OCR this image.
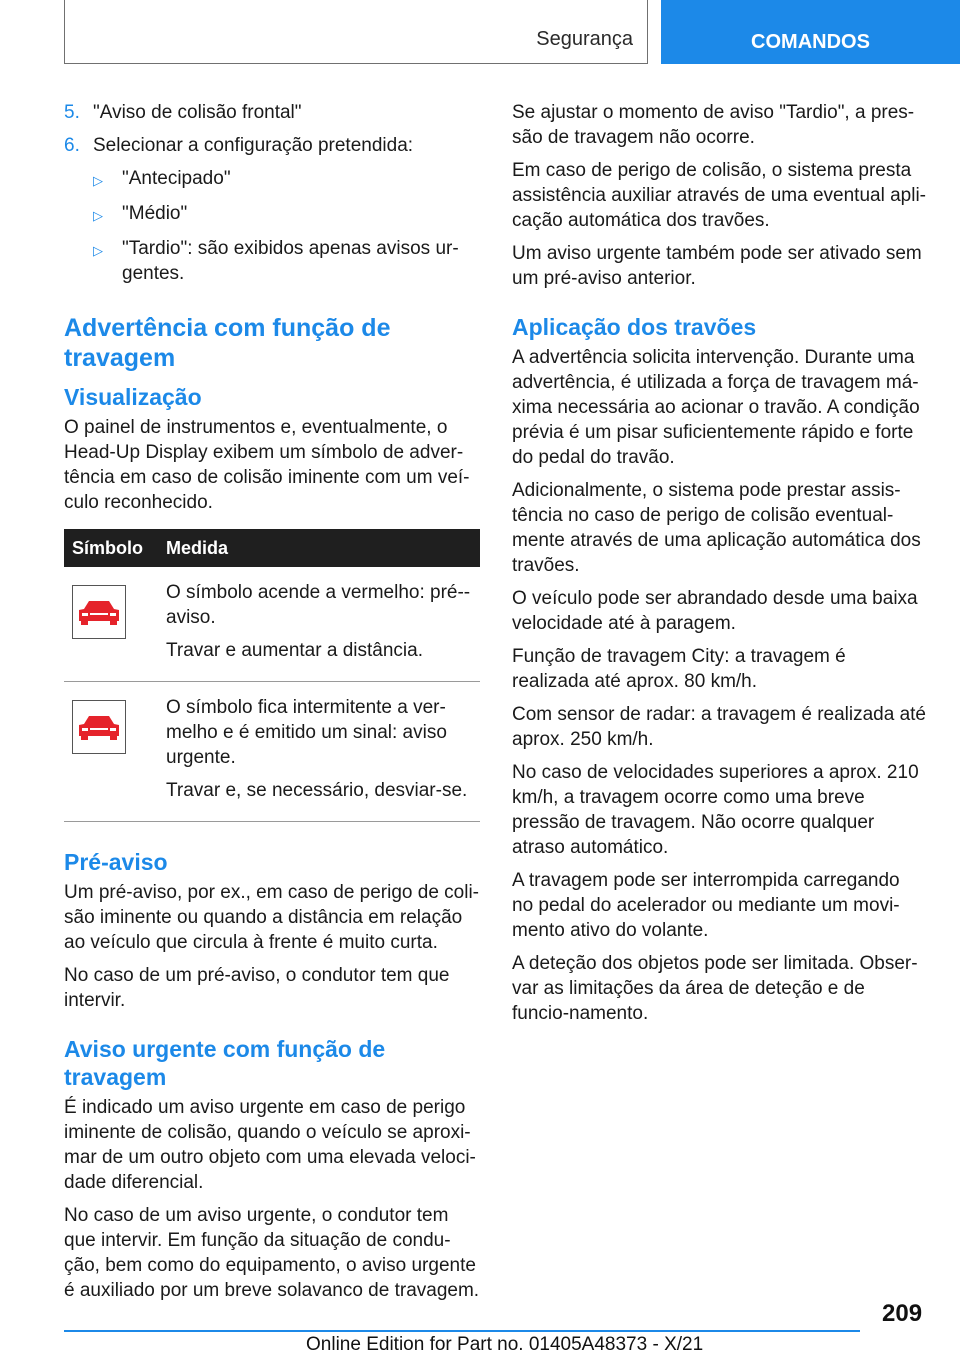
Segurança	COMANDOS
5. "Aviso de colisão frontal"
6. Selecionar a configuração pretendida:
▷	"Antecipado"
▷	"Médio"
▷	"Tardio": são exibidos apenas avisos ur-gentes.
Advertência com função de travagem
Visualização

O painel de instrumentos e, eventualmente, o Head-Up Display exibem um símbolo de adver-tência em caso de colisão iminente com um veí-culo reconhecido.

Símbolo	Medida

O símbolo acende a vermelho: pré--aviso.

Travar e aumentar a distância.

O símbolo fica intermitente a ver-melho e é emitido um sinal: aviso urgente.

Travar e, se necessário, desviar-se.

Pré-aviso

Um pré-aviso, por ex., em caso de perigo de coli-são iminente ou quando a distância em relação ao veículo que circula à frente é muito curta.

No caso de um pré-aviso, o condutor tem que intervir.

Aviso urgente com função de travagem

É indicado um aviso urgente em caso de perigo iminente de colisão, quando o veículo se aproxi-mar de um outro objeto com uma elevada veloci-dade diferencial.

No caso de um aviso urgente, o condutor tem que intervir. Em função da situação de condu-ção, bem como do equipamento, o aviso urgente é auxiliado por um breve solavanco de travagem.

Se ajustar o momento de aviso "Tardio", a pres-são de travagem não ocorre.

Em caso de perigo de colisão, o sistema presta assistência auxiliar através de uma eventual apli-cação automática dos travões.

Um aviso urgente também pode ser ativado sem um pré-aviso anterior.

Aplicação dos travões

A advertência solicita intervenção. Durante uma advertência, é utilizada a força de travagem má-xima necessária ao acionar o travão. A condição prévia é um pisar suficientemente rápido e forte do pedal do travão.

Adicionalmente, o sistema pode prestar assis-tência no caso de perigo de colisão eventual-mente através de uma aplicação automática dos travões.

O veículo pode ser abrandado desde uma baixa velocidade até à paragem.

Função de travagem City: a travagem é realizada até aprox. 80 km/h.

Com sensor de radar: a travagem é realizada até aprox. 250 km/h.

No caso de velocidades superiores a aprox. 210 km/h, a travagem ocorre como uma breve pressão de travagem. Não ocorre qualquer atraso automático.

A travagem pode ser interrompida carregando no pedal do acelerador ou mediante um movi-mento ativo do volante.

A deteção dos objetos pode ser limitada. Obser-var as limitações da área de deteção e de funcio-namento.

209
Online Edition for Part no. 01405A48373 - X/21
